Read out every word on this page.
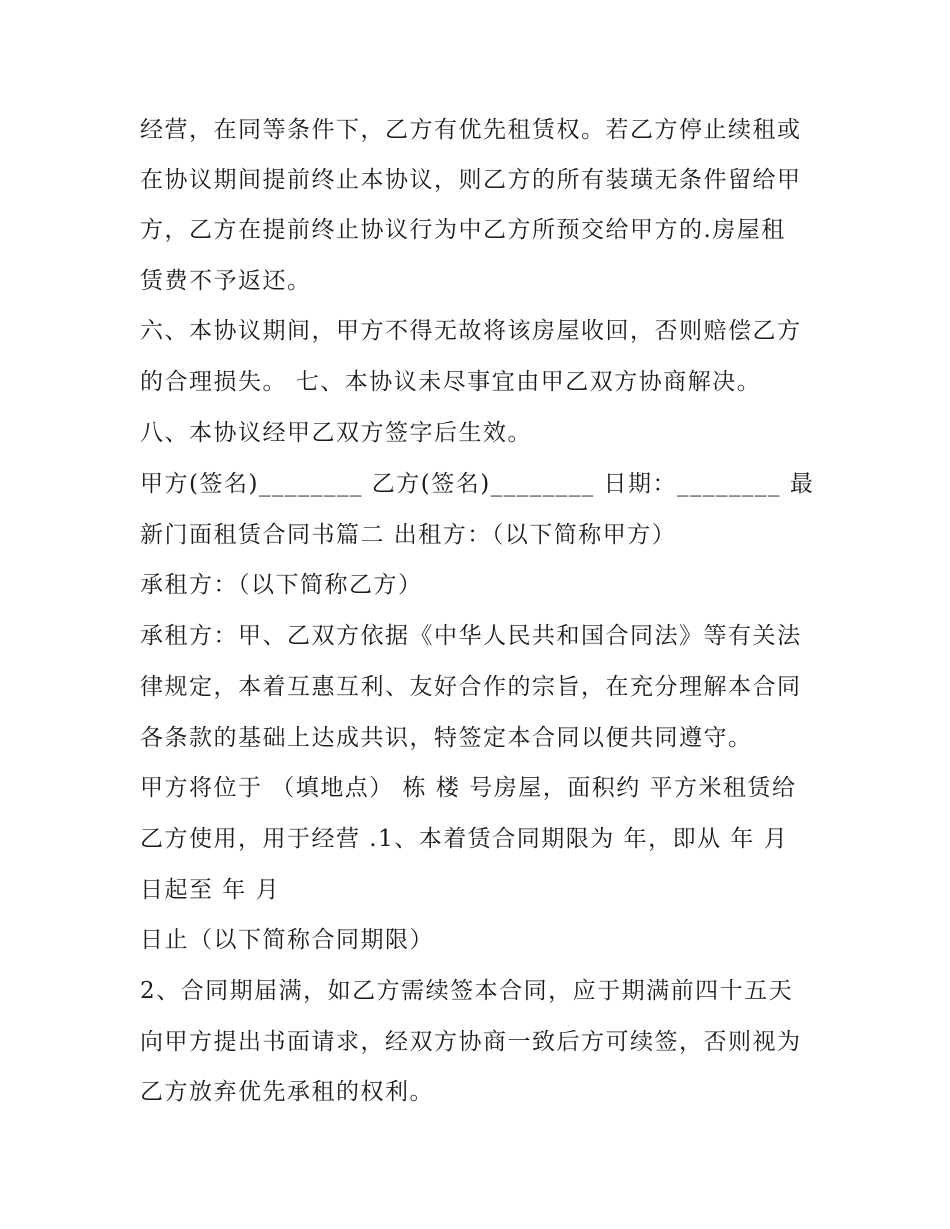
经营，在同等条件下，乙方有优先租赁权。若乙方停止续租或

在协议期间提前终止本协议，则乙方的所有装璜无条件留给甲

方，乙方在提前终止协议行为中乙方所预交给甲方的.房屋租

赁费不予返还。

六、本协议期间，甲方不得无故将该房屋收回，否则赔偿乙方

的合理损失。 七、本协议未尽事宜由甲乙双方协商解决。

八、本协议经甲乙双方签字后生效。

甲方(签名)________ 乙方(签名)________ 日期：________ 最

新门面租赁合同书篇二 出租方：（以下简称甲方）

承租方：（以下简称乙方）

承租方：甲、乙双方依据《中华人民共和国合同法》等有关法

律规定，本着互惠互利、友好合作的宗旨，在充分理解本合同

各条款的基础上达成共识，特签定本合同以便共同遵守。

甲方将位于 （填地点） 栋 楼 号房屋，面积约 平方米租赁给

乙方使用，用于经营 .1、本着赁合同期限为 年，即从 年 月

日起至 年 月

日止（以下简称合同期限）

2、合同期届满，如乙方需续签本合同，应于期满前四十五天

向甲方提出书面请求，经双方协商一致后方可续签，否则视为

乙方放弃优先承租的权利。
